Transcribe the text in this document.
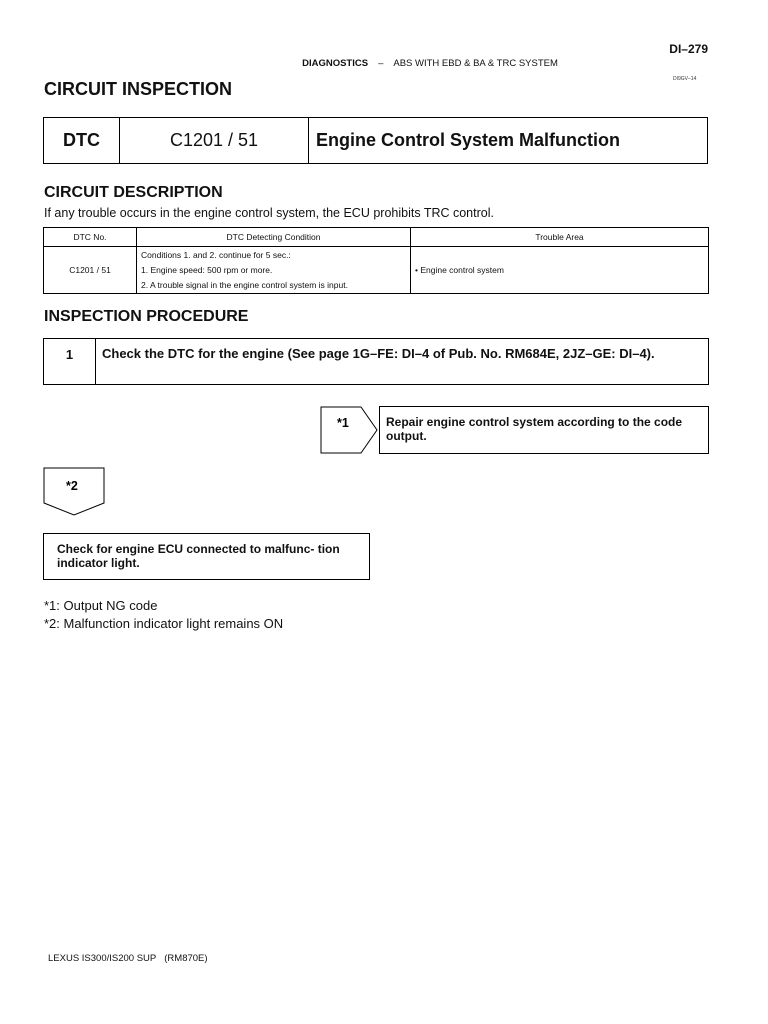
DI–279
DIAGNOSTICS – ABS WITH EBD & BA & TRC SYSTEM
DI9GV–14
CIRCUIT INSPECTION
DTC	C1201 / 51	Engine Control System Malfunction
CIRCUIT DESCRIPTION
If any trouble occurs in the engine control system, the ECU prohibits TRC control.
DTC No.	DTC Detecting Condition	Trouble Area
C1201 / 51	Conditions 1. and 2. continue for 5 sec.:
1. Engine speed: 500 rpm or more.
2. A trouble signal in the engine control system is input.	• Engine control system
INSPECTION PROCEDURE
1	Check the DTC for the engine (See page 1G–FE: DI–4 of Pub. No. RM684E, 2JZ–GE: DI–4).
*1	Repair engine control system according to the code output.
*2
Check for engine ECU connected to malfunc- tion indicator light.
*1: Output NG code
*2: Malfunction indicator light remains ON
LEXUS IS300/IS200 SUP (RM870E)
